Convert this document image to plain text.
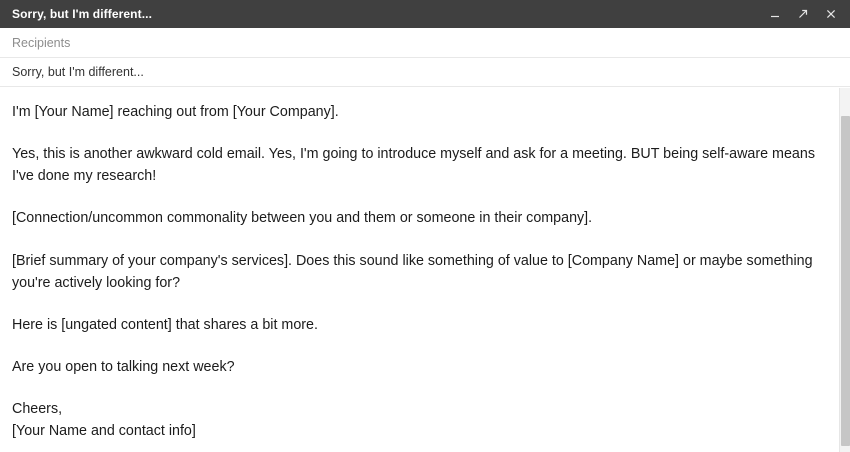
Sorry, but I'm different...
Recipients
Sorry, but I'm different...

I'm [Your Name] reaching out from [Your Company].

Yes, this is another awkward cold email. Yes, I'm going to introduce myself and ask for a meeting. BUT being self-aware means I've done my research!

[Connection/uncommon commonality between you and them or someone in their company].

[Brief summary of your company's services]. Does this sound like something of value to [Company Name] or maybe something you're actively looking for?

Here is [ungated content] that shares a bit more.

Are you open to talking next week?

Cheers,

[Your Name and contact info]
